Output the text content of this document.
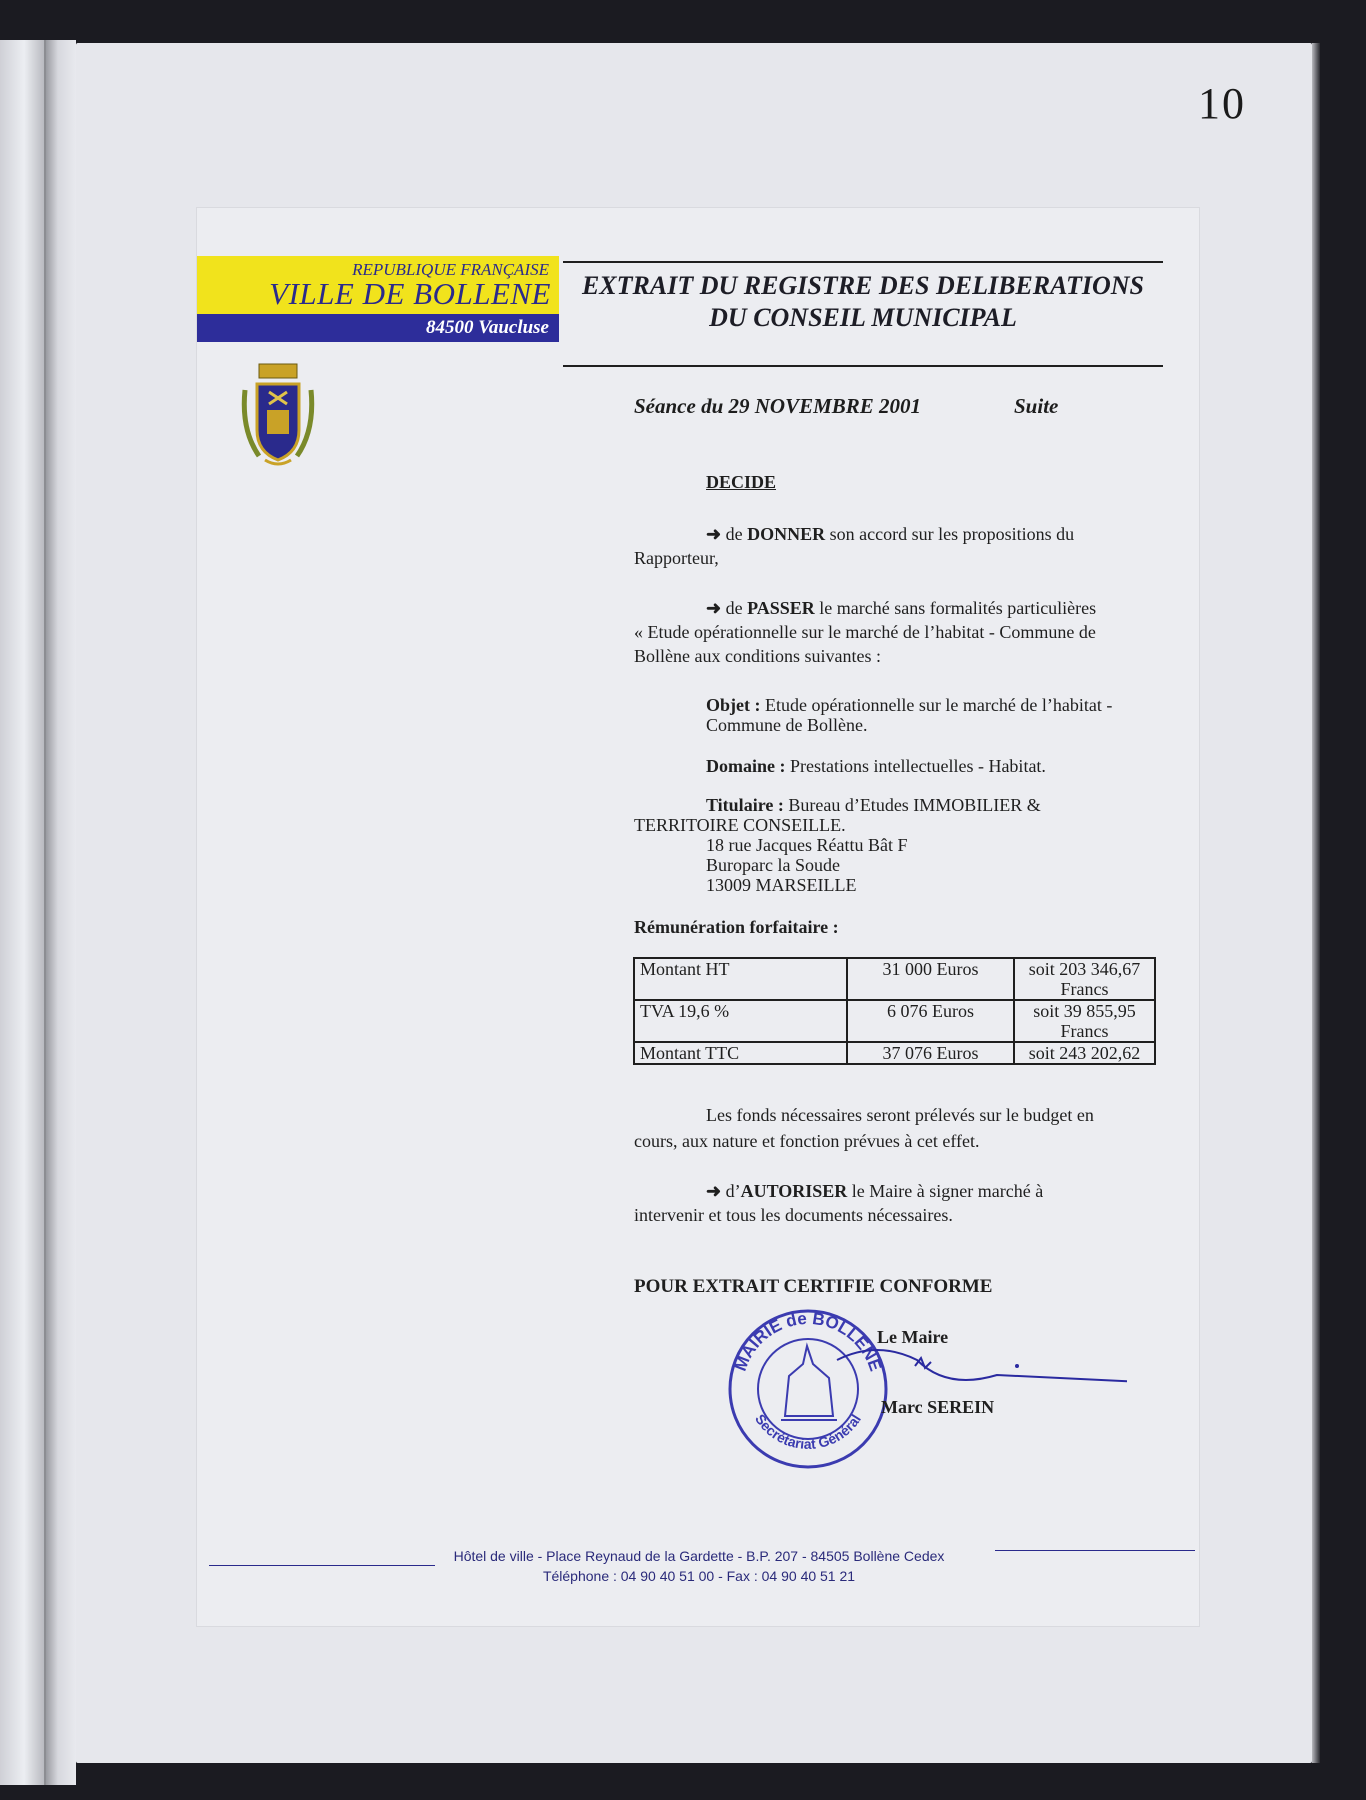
10
REPUBLIQUE FRANÇAISE
VILLE DE BOLLENE
84500 Vaucluse
EXTRAIT DU REGISTRE DES DELIBERATIONS
DU CONSEIL MUNICIPAL
Séance du 29 NOVEMBRE 2001	Suite
DECIDE
➜ de DONNER son accord sur les propositions du
Rapporteur,
➜ de PASSER le marché sans formalités particulières
« Etude opérationnelle sur le marché de l’habitat - Commune de
Bollène aux conditions suivantes :
Objet : Etude opérationnelle sur le marché de l’habitat -
Commune de Bollène.
Domaine : Prestations intellectuelles - Habitat.
Titulaire : Bureau d’Etudes IMMOBILIER &
TERRITOIRE CONSEILLE.
18 rue Jacques Réattu Bât F
Buroparc la Soude
13009 MARSEILLE
Rémunération forfaitaire :
Montant HT	31 000 Euros	soit 203 346,67
Francs
TVA 19,6 %	6 076 Euros	soit 39 855,95
Francs
Montant TTC	37 076 Euros	soit 243 202,62
Les fonds nécessaires seront prélevés sur le budget en
cours, aux nature et fonction prévues à cet effet.
➜ d’AUTORISER le Maire à signer marché à
intervenir et tous les documents nécessaires.
POUR EXTRAIT CERTIFIE CONFORME
MAIRIE de BOLLENE
Secrétariat Général
Le Maire
Marc SEREIN
Hôtel de ville - Place Reynaud de la Gardette - B.P. 207 - 84505 Bollène Cedex
Téléphone : 04 90 40 51 00 - Fax : 04 90 40 51 21
